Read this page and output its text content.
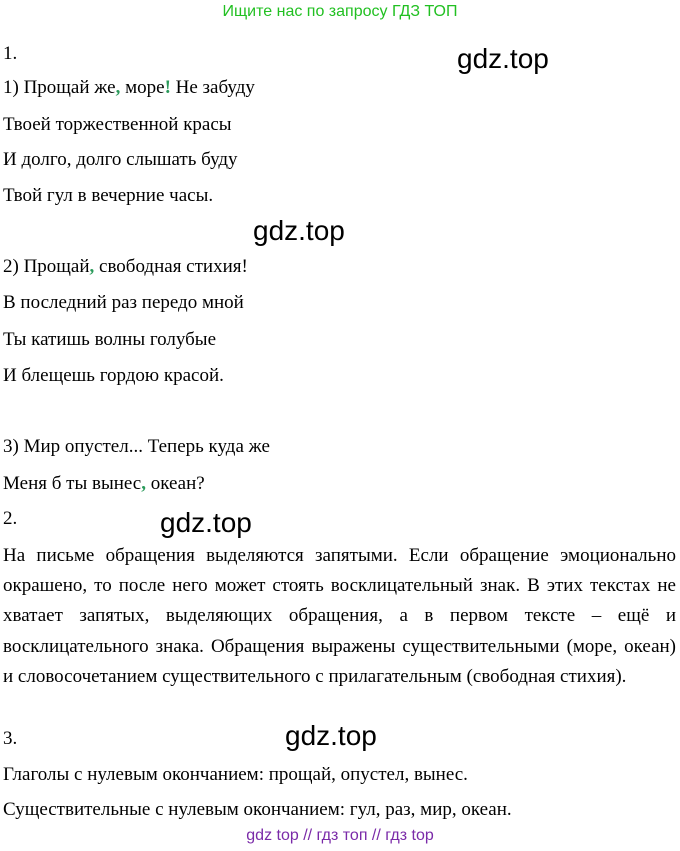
Ищите нас по запросу ГДЗ ТОП
gdz.top
gdz.top
gdz.top
gdz.top
1.
1) Прощай же, море! Не забуду
Твоей торжественной красы
И долго, долго слышать буду
Твой гул в вечерние часы.
2) Прощай, свободная стихия!
В последний раз передо мной
Ты катишь волны голубые
И блещешь гордою красой.
3) Мир опустел... Теперь куда же
Меня б ты вынес, океан?
2.
На письме обращения выделяются запятыми. Если обращение эмоционально окрашено, то после него может стоять восклицательный знак. В этих текстах не хватает запятых, выделяющих обращения, а в первом тексте – ещё и восклицательного знака. Обращения выражены существительными (море, океан) и словосочетанием существительного с прилагательным (свободная стихия).
3.
Глаголы с нулевым окончанием: прощай, опустел, вынес.
Существительные с нулевым окончанием: гул, раз, мир, океан.
gdz top // гдз топ // гдз top
